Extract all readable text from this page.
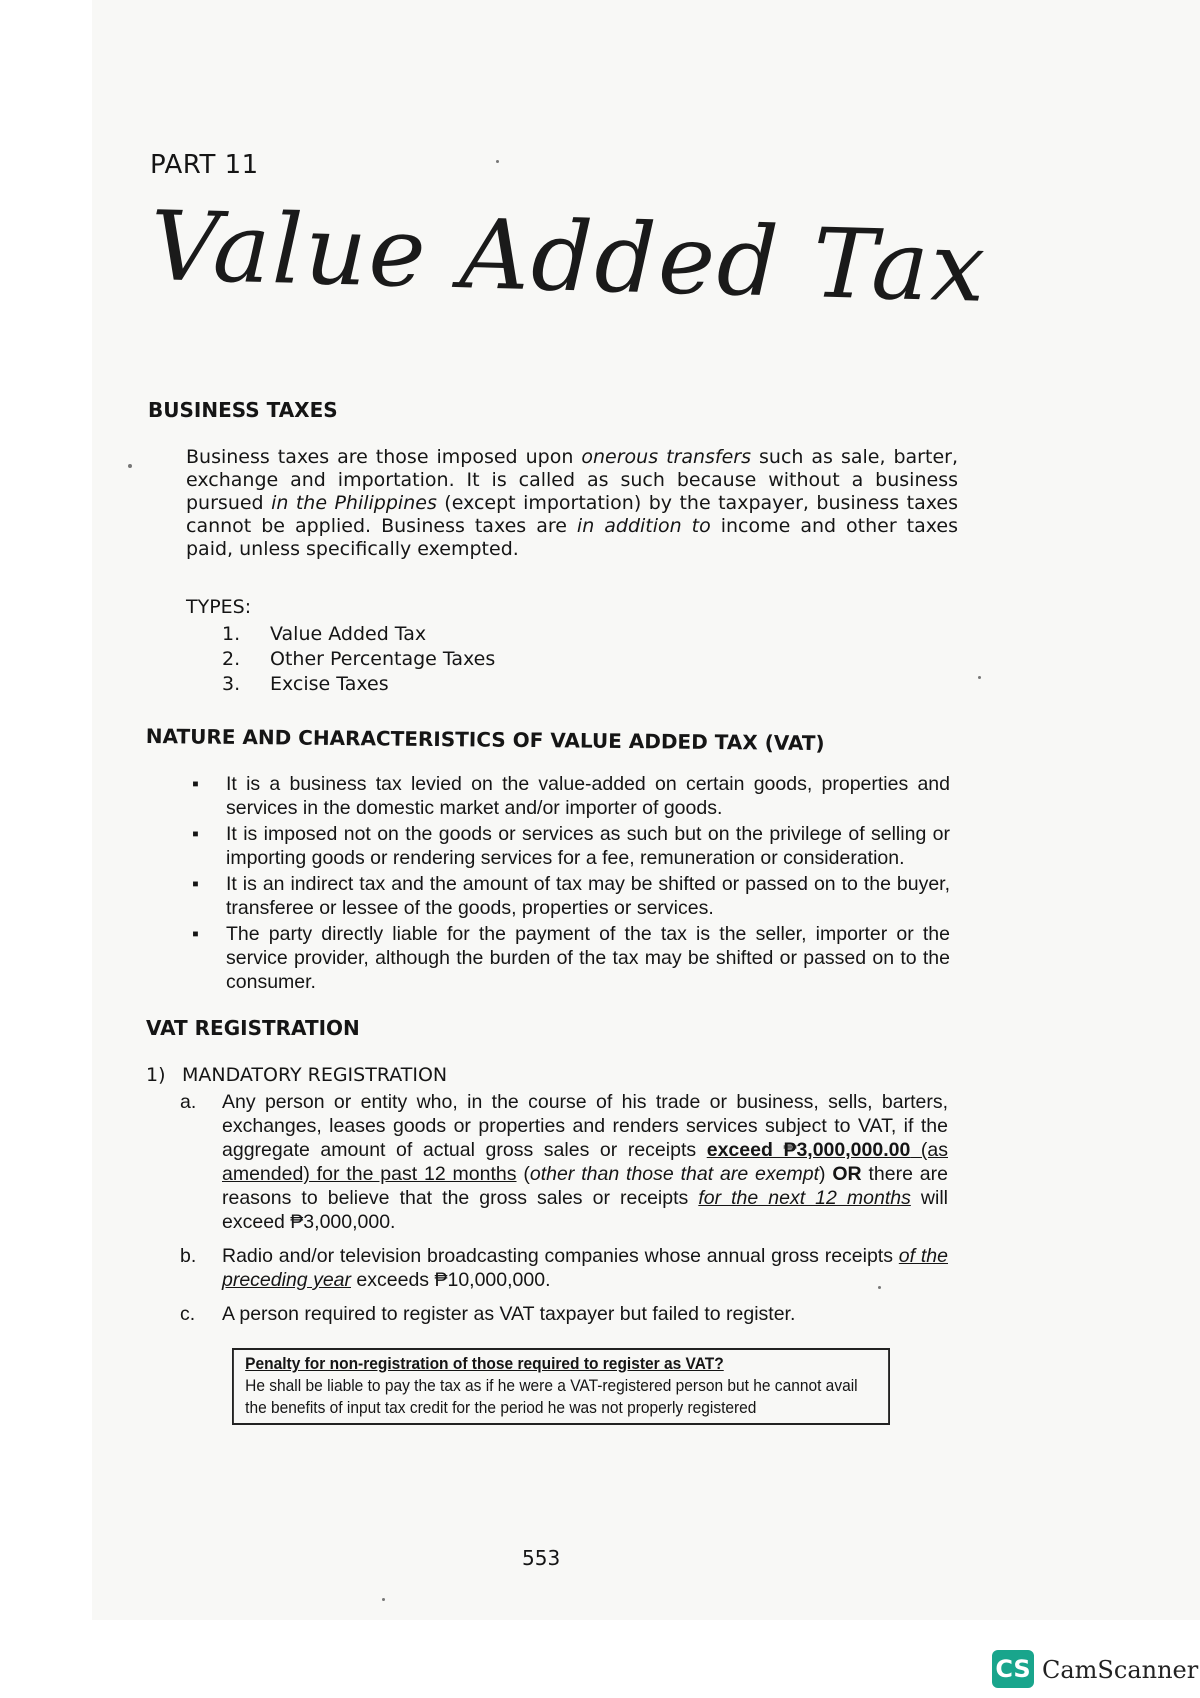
PART 11
Value Added Tax
BUSINESS TAXES
Business taxes are those imposed upon onerous transfers such as sale, barter, exchange and importation. It is called as such because without a business pursued in the Philippines (except importation) by the taxpayer, business taxes cannot be applied. Business taxes are in addition to income and other taxes paid, unless specifically exempted.
TYPES:
1. Value Added Tax
2. Other Percentage Taxes
3. Excise Taxes
NATURE AND CHARACTERISTICS OF VALUE ADDED TAX (VAT)
▪ It is a business tax levied on the value-added on certain goods, properties and services in the domestic market and/or importer of goods.
▪ It is imposed not on the goods or services as such but on the privilege of selling or importing goods or rendering services for a fee, remuneration or consideration.
▪ It is an indirect tax and the amount of tax may be shifted or passed on to the buyer, transferee or lessee of the goods, properties or services.
▪ The party directly liable for the payment of the tax is the seller, importer or the service provider, although the burden of the tax may be shifted or passed on to the consumer.
VAT REGISTRATION
1) MANDATORY REGISTRATION
a. Any person or entity who, in the course of his trade or business, sells, barters, exchanges, leases goods or properties and renders services subject to VAT, if the aggregate amount of actual gross sales or receipts exceed ₱3,000,000.00 (as amended) for the past 12 months (other than those that are exempt) OR there are reasons to believe that the gross sales or receipts for the next 12 months will exceed ₱3,000,000.
b. Radio and/or television broadcasting companies whose annual gross receipts of the preceding year exceeds ₱10,000,000.
c. A person required to register as VAT taxpayer but failed to register.
Penalty for non-registration of those required to register as VAT?
He shall be liable to pay the tax as if he were a VAT-registered person but he cannot avail the benefits of input tax credit for the period he was not properly registered
553
CS CamScanner
